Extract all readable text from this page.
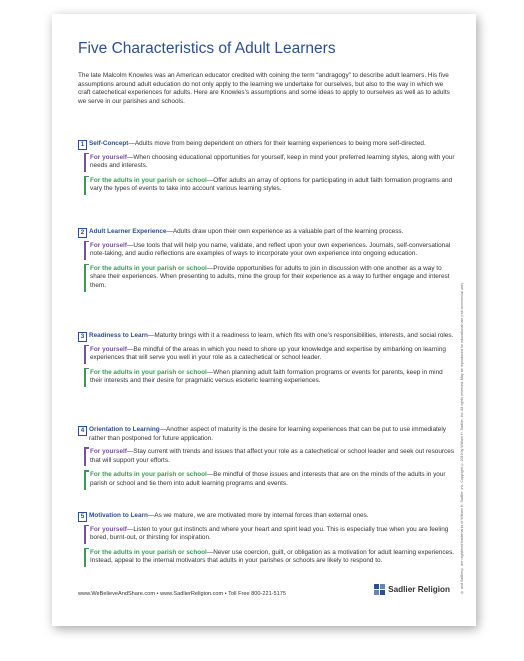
Five Characteristics of Adult Learners
The late Malcolm Knowles was an American educator credited with coining the term “andragogy” to describe adult learners. His five assumptions around adult education do not only apply to the learning we undertake for ourselves, but also to the way in which we craft catechetical experiences for adults. Here are Knowles’s assumptions and some ideas to apply to ourselves as well as to adults we serve in our parishes and schools.
1 Self-Concept—Adults move from being dependent on others for their learning experiences to being more self-directed.
For yourself—When choosing educational opportunities for yourself, keep in mind your preferred learning styles, along with your needs and interests.
For the adults in your parish or school—Offer adults an array of options for participating in adult faith formation programs and vary the types of events to take into account various learning styles.
2 Adult Learner Experience—Adults draw upon their own experience as a valuable part of the learning process.
For yourself—Use tools that will help you name, validate, and reflect upon your own experiences. Journals, self-conversational note-taking, and audio reflections are examples of ways to incorporate your own experience into ongoing education.
For the adults in your parish or school—Provide opportunities for adults to join in discussion with one another as a way to share their experiences. When presenting to adults, mine the group for their experience as a way to further engage and interest them.
3 Readiness to Learn—Maturity brings with it a readiness to learn, which fits with one’s responsibilities, interests, and social roles.
For yourself—Be mindful of the areas in which you need to shore up your knowledge and expertise by embarking on learning experiences that will serve you well in your role as a catechetical or school leader.
For the adults in your parish or school—When planning adult faith formation programs or events for parents, keep in mind their interests and their desire for pragmatic versus esoteric learning experiences.
4 Orientation to Learning—Another aspect of maturity is the desire for learning experiences that can be put to use immediately rather than postponed for future application.
For yourself—Stay current with trends and issues that affect your role as a catechetical or school leader and seek out resources that will support your efforts.
For the adults in your parish or school—Be mindful of those issues and interests that are on the minds of the adults in your parish or school and tie them into adult learning programs and events.
5 Motivation to Learn—As we mature, we are motivated more by internal forces than external ones.
For yourself—Listen to your gut instincts and where your heart and spirit lead you. This is especially true when you are feeling bored, burnt-out, or thirsting for inspiration.
For the adults in your parish or school—Never use coercion, guilt, or obligation as a motivation for adult learning experiences. Instead, appeal to the internal motivators that adults in your parishes or schools are likely to respond to.	® and Sadlier® are registered trademarks of William H. Sadlier, Inc. Copyright © 2019 by William H. Sadlier, Inc. All rights reserved. May be reproduced for educational use (not commercial use).
www.WeBelieveAndShare.com • www.SadlierReligion.com • Toll Free 800-221-5175	Sadlier Religion
